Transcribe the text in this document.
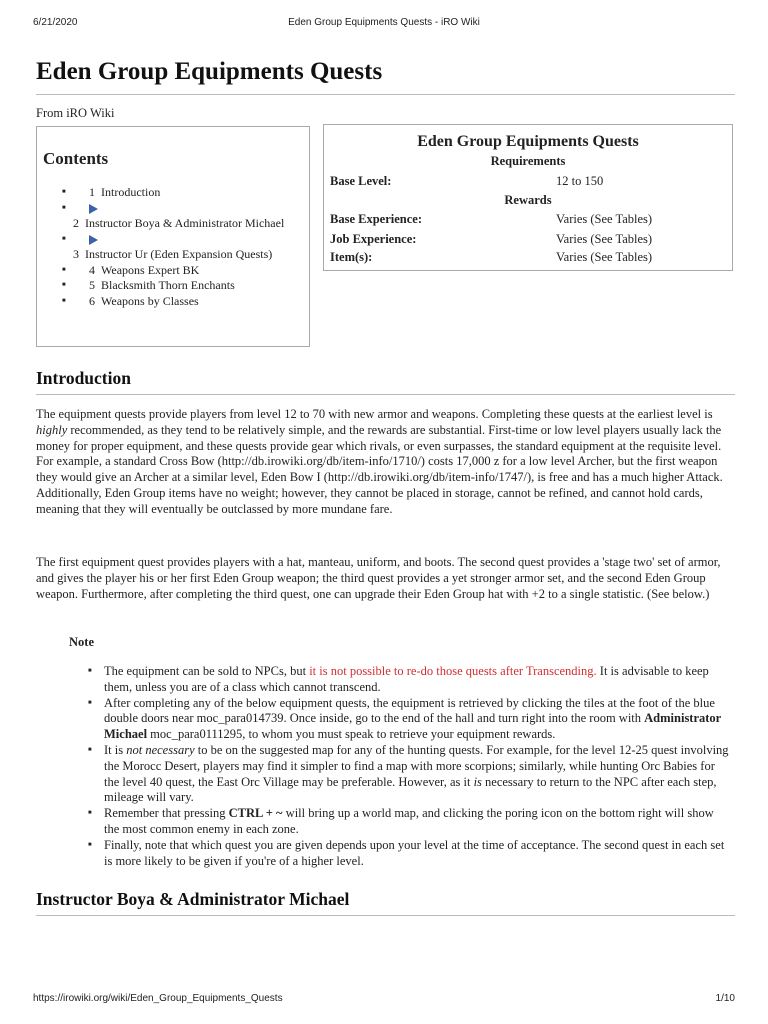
6/21/2020	Eden Group Equipments Quests - iRO Wiki
Eden Group Equipments Quests
From iRO Wiki
Contents
■ 1 Introduction
■ 2 Instructor Boya & Administrator Michael
■ 3 Instructor Ur (Eden Expansion Quests)
■ 4 Weapons Expert BK
■ 5 Blacksmith Thorn Enchants
■ 6 Weapons by Classes
Eden Group Equipments Quests
Requirements
Base Level:	12 to 150
Rewards
Base Experience:	Varies (See Tables)
Job Experience:	Varies (See Tables)
Item(s):	Varies (See Tables)
Introduction

The equipment quests provide players from level 12 to 70 with new armor and weapons. Completing these quests at the earliest level is highly recommended, as they tend to be relatively simple, and the rewards are substantial. First-time or low level players usually lack the money for proper equipment, and these quests provide gear which rivals, or even surpasses, the standard equipment at the requisite level. For example, a standard Cross Bow (http://db.irowiki.org/db/item-info/1710/) costs 17,000 z for a low level Archer, but the first weapon they would give an Archer at a similar level, Eden Bow I (http://db.irowiki.org/db/item-info/1747/), is free and has a much higher Attack. Additionally, Eden Group items have no weight; however, they cannot be placed in storage, cannot be refined, and cannot hold cards, meaning that they will eventually be outclassed by more mundane fare.

The first equipment quest provides players with a hat, manteau, uniform, and boots. The second quest provides a 'stage two' set of armor, and gives the player his or her first Eden Group weapon; the third quest provides a yet stronger armor set, and the second Eden Group weapon. Furthermore, after completing the third quest, one can upgrade their Eden Group hat with +2 to a single statistic. (See below.)

Note
■ The equipment can be sold to NPCs, but it is not possible to re-do those quests after Transcending. It is advisable to keep them, unless you are of a class which cannot transcend.
■ After completing any of the below equipment quests, the equipment is retrieved by clicking the tiles at the foot of the blue double doors near moc_para014739. Once inside, go to the end of the hall and turn right into the room with Administrator Michael moc_para0111295, to whom you must speak to retrieve your equipment rewards.
■ It is not necessary to be on the suggested map for any of the hunting quests. For example, for the level 12-25 quest involving the Morocc Desert, players may find it simpler to find a map with more scorpions; similarly, while hunting Orc Babies for the level 40 quest, the East Orc Village may be preferable. However, as it is necessary to return to the NPC after each step, mileage will vary.
■ Remember that pressing CTRL + ~ will bring up a world map, and clicking the poring icon on the bottom right will show the most common enemy in each zone.
■ Finally, note that which quest you are given depends upon your level at the time of acceptance. The second quest in each set is more likely to be given if you're of a higher level.
Instructor Boya & Administrator Michael
https://irowiki.org/wiki/Eden_Group_Equipments_Quests	1/10
